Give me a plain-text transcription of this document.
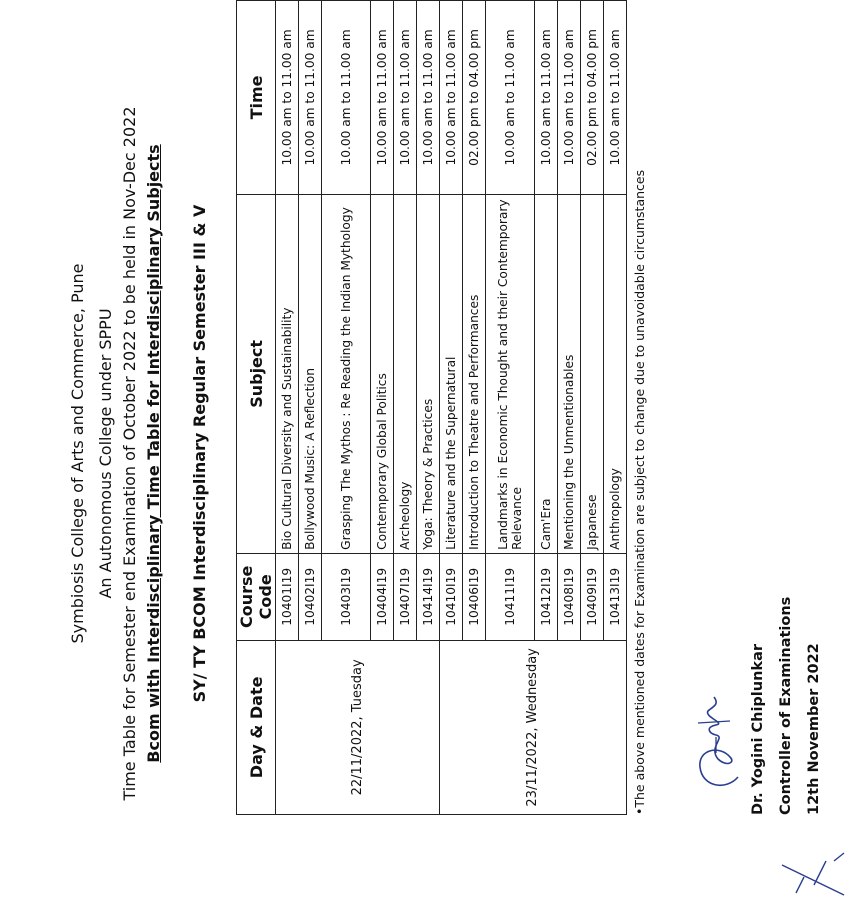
Symbiosis College of Arts and Commerce, Pune An Autonomous College under SPPU Time Table for Semester end Examination of October 2022 to be held in Nov-Dec 2022 Bcom with Interdisciplinary Time Table for Interdisciplinary Subjects SY/ TY BCOM Interdisciplinary Regular Semester III & V
Day & Date	Course Code	Subject	Time
22/11/2022, Tuesday	10401I19	Bio Cultural Diversity and Sustainability	10.00 am to 11.00 am
	10402I19	Bollywood Music: A Reflection	10.00 am to 11.00 am
	10403I19	Grasping The Mythos : Re Reading the Indian Mythology	10.00 am to 11.00 am
	10404I19	Contemporary Global Politics	10.00 am to 11.00 am
	10407I19	Archeology	10.00 am to 11.00 am
	10414I19	Yoga: Theory & Practices	10.00 am to 11.00 am
23/11/2022, Wednesday	10410I19	Literature and the Supernatural	10.00 am to 11.00 am
	10406I19	Introduction to Theatre and Performances	02.00 pm to 04.00 pm
	10411I19	Landmarks in Economic Thought and their Contemporary Relevance	10.00 am to 11.00 am
	10412I19	Cam'Era	10.00 am to 11.00 am
	10408I19	Mentioning the Unmentionables	10.00 am to 11.00 am
	10409I19	Japanese	02.00 pm to 04.00 pm
	10413I19	Anthropology	10.00 am to 11.00 am
•The above mentioned dates for Examination are subject to change due to unavoidable circumstances	Dr. Yogini Chiplunkar Controller of Examinations 12th November 2022
